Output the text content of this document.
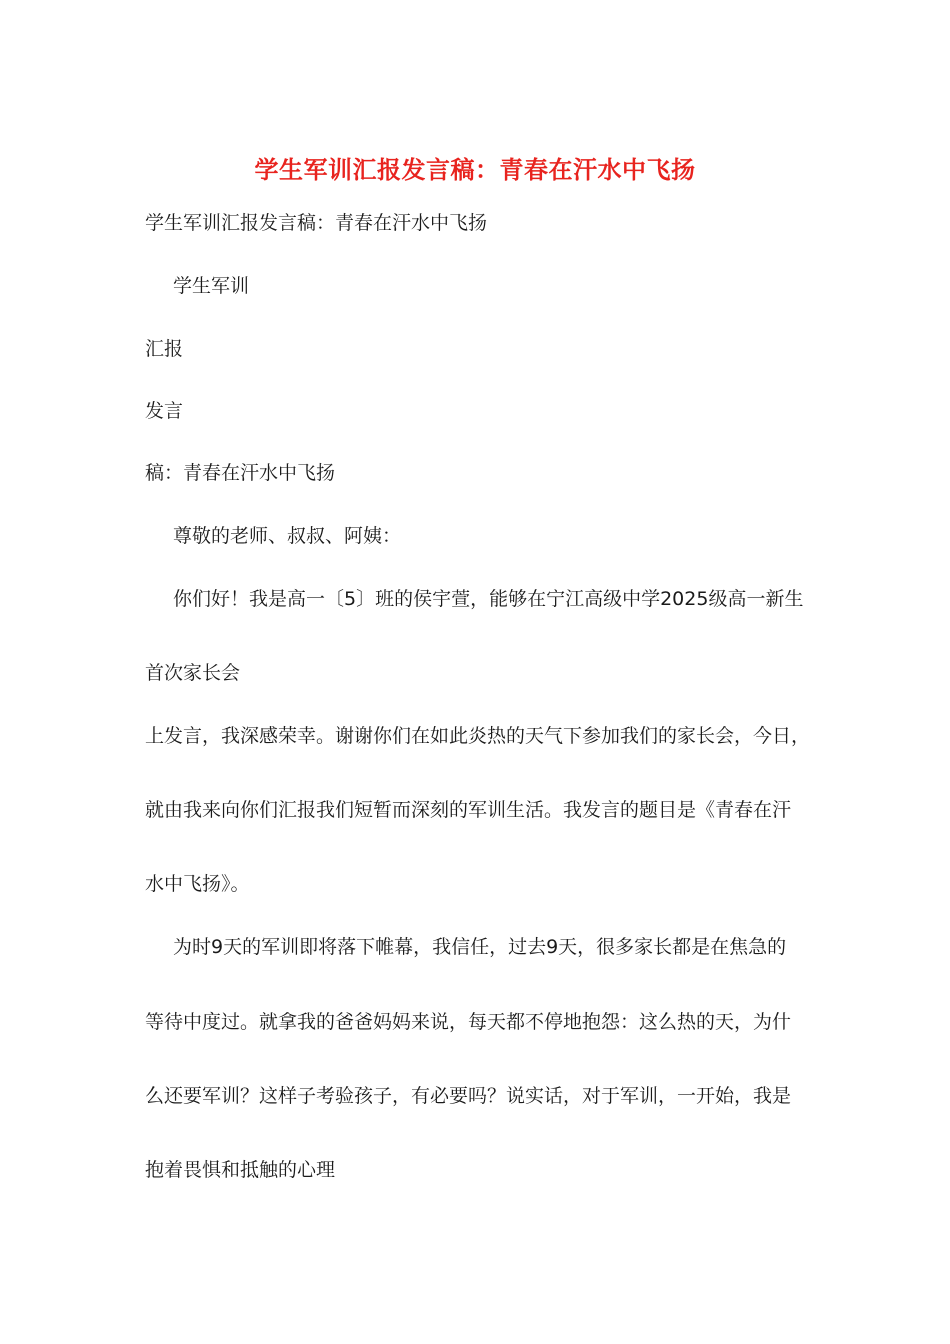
学生军训汇报发言稿：青春在汗水中飞扬
学生军训汇报发言稿：青春在汗水中飞扬
学生军训
汇报
发言
稿：青春在汗水中飞扬
尊敬的老师、叔叔、阿姨：
你们好！我是高一〔5〕班的侯宇萱，能够在宁江高级中学2025级高一新生
首次家长会
上发言，我深感荣幸。谢谢你们在如此炎热的天气下参加我们的家长会，今日，
就由我来向你们汇报我们短暂而深刻的军训生活。我发言的题目是《青春在汗
水中飞扬》。
为时9天的军训即将落下帷幕，我信任，过去9天，很多家长都是在焦急的
等待中度过。就拿我的爸爸妈妈来说，每天都不停地抱怨：这么热的天，为什
么还要军训？这样子考验孩子，有必要吗？说实话，对于军训，一开始，我是
抱着畏惧和抵触的心理
